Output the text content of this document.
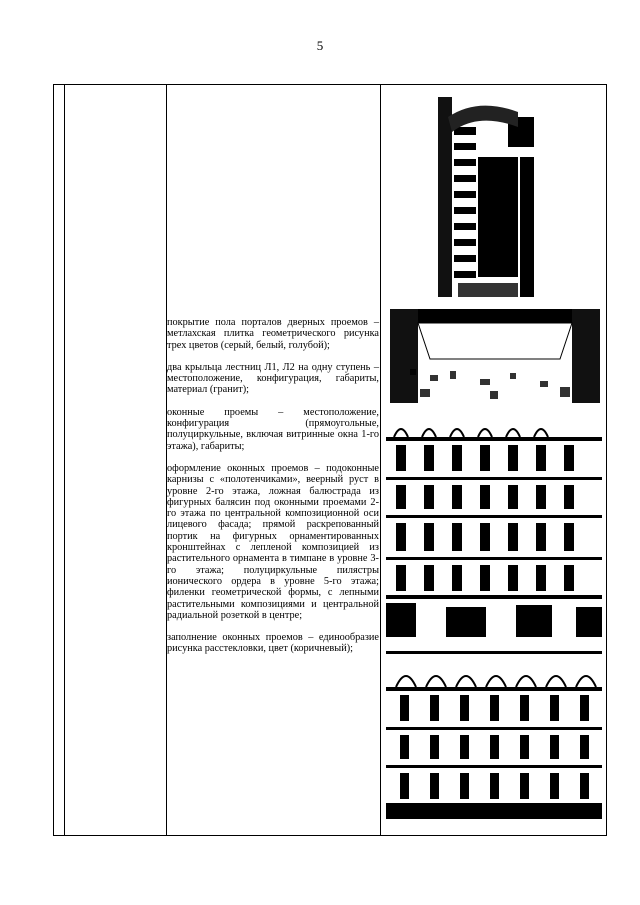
5

покрытие пола порталов дверных проемов – метлахская плитка геометрического рисунка трех цветов (серый, белый, голубой);

два крыльца лестниц Л1, Л2 на одну ступень – местоположение, конфигурация, габариты, материал (гранит);

оконные проемы – местоположение, конфигурация (прямоугольные, полуциркульные, включая витринные окна 1-го этажа), габариты;

оформление оконных проемов – подоконные карнизы с «полотенчиками», веерный руст в уровне 2-го этажа, ложная балюстрада из фигурных балясин под оконными проемами 2-го этажа по центральной композиционной оси лицевого фасада; прямой раскрепованный портик на фигурных орнаментированных кронштейнах с лепленой композицией из растительного орнамента в тимпане в уровне 3-го этажа; полуциркульные пилястры ионического ордера в уровне 5-го этажа; филенки геометрической формы, с лепными растительными композициями и центральной радиальной розеткой в центре;

заполнение оконных проемов – единообразие рисунка расстекловки, цвет (коричневый);
